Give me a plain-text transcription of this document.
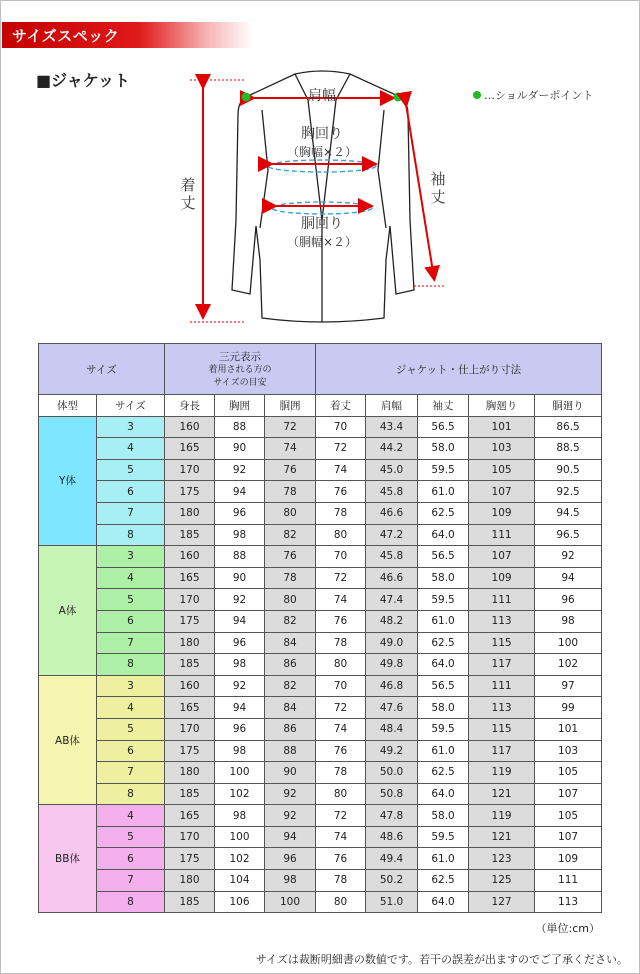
サイズスペック
■ジャケット
肩幅
胸回り
（胸幅×２）
胴回り
（胴幅×２）
着
丈
袖
丈
…ショルダーポイント
サイズ		三元表示
着用される方の
サイズの目安			ジャケット・仕上がり寸法				
体型	サイズ	身長	胸囲	胴囲	着丈	肩幅	袖丈	胸廻り	胴廻り
Y体	3	160	88	72	70	43.4	56.5	101	86.5
	4	165	90	74	72	44.2	58.0	103	88.5
	5	170	92	76	74	45.0	59.5	105	90.5
	6	175	94	78	76	45.8	61.0	107	92.5
	7	180	96	80	78	46.6	62.5	109	94.5
	8	185	98	82	80	47.2	64.0	111	96.5
A体	3	160	88	76	70	45.8	56.5	107	92
	4	165	90	78	72	46.6	58.0	109	94
	5	170	92	80	74	47.4	59.5	111	96
	6	175	94	82	76	48.2	61.0	113	98
	7	180	96	84	78	49.0	62.5	115	100
	8	185	98	86	80	49.8	64.0	117	102
AB体	3	160	92	82	70	46.8	56.5	111	97
	4	165	94	84	72	47.6	58.0	113	99
	5	170	96	86	74	48.4	59.5	115	101
	6	175	98	88	76	49.2	61.0	117	103
	7	180	100	90	78	50.0	62.5	119	105
	8	185	102	92	80	50.8	64.0	121	107
BB体	4	165	98	92	72	47.8	58.0	119	105
	5	170	100	94	74	48.6	59.5	121	107
	6	175	102	96	76	49.4	61.0	123	109
	7	180	104	98	78	50.2	62.5	125	111
	8	185	106	100	80	51.0	64.0	127	113
（単位:cm）
サイズは裁断明細書の数値です。若干の誤差が出ますのでご了承ください。
